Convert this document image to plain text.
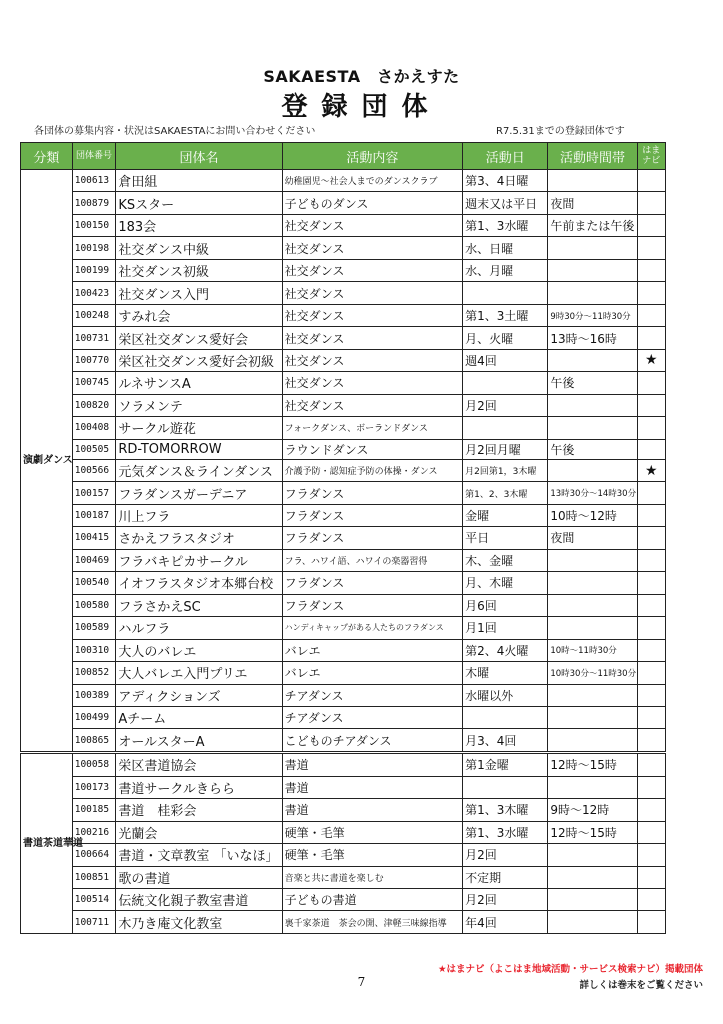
SAKAESTA　さかえすた
登録団体
各団体の募集内容・状況はSAKAESTAにお問い合わせください	R7.5.31までの登録団体です
分類	団体番号	団体名	活動内容	活動日	活動時間帯	はまナビ
演劇ダンス	100613	倉田組	幼稚園児～社会人までのダンスクラブ	第3、4日曜		
	100879	KSスター	子どものダンス	週末又は平日	夜間	
	100150	183会	社交ダンス	第1、3水曜	午前または午後	
	100198	社交ダンス中級	社交ダンス	水、日曜		
	100199	社交ダンス初級	社交ダンス	水、月曜		
	100423	社交ダンス入門	社交ダンス			
	100248	すみれ会	社交ダンス	第1、3土曜	9時30分～11時30分	
	100731	栄区社交ダンス愛好会	社交ダンス	月、火曜	13時～16時	
	100770	栄区社交ダンス愛好会初級	社交ダンス	週4回		★
	100745	ルネサンスA	社交ダンス		午後	
	100820	ソラメンテ	社交ダンス	月2回		
	100408	サークル遊花	フォークダンス、ボーランドダンス			
	100505	RD-TOMORROW	ラウンドダンス	月2回月曜	午後	
	100566	元気ダンス＆ラインダンス	介護予防・認知症予防の体操・ダンス	月2回第1，3木曜		★
	100157	フラダンスガーデニア	フラダンス	第1、2、3木曜	13時30分～14時30分	
	100187	川上フラ	フラダンス	金曜	10時～12時	
	100415	さかえフラスタジオ	フラダンス	平日	夜間	
	100469	フラバキピカサークル	フラ、ハワイ語、ハワイの楽器習得	木、金曜		
	100540	イオフラスタジオ本郷台校	フラダンス	月、木曜		
	100580	フラさかえSC	フラダンス	月6回		
	100589	ハルフラ	ハンディキャップがある人たちのフラダンス	月1回		
	100310	大人のバレエ	バレエ	第2、4火曜	10時～11時30分	
	100852	大人バレエ入門プリエ	バレエ	木曜	10時30分～11時30分	
	100389	アディクションズ	チアダンス	水曜以外		
	100499	Aチーム	チアダンス			
	100865	オールスターA	こどものチアダンス	月3、4回		
書道茶道華道	100058	栄区書道協会	書道	第1金曜	12時～15時	
	100173	書道サークルきらら	書道			
	100185	書道　桂彩会	書道	第1、3木曜	9時～12時	
	100216	光蘭会	硬筆・毛筆	第1、3水曜	12時～15時	
	100664	書道・文章教室 「いなほ」	硬筆・毛筆	月2回		
	100851	歌の書道	音楽と共に書道を楽しむ	不定期		
	100514	伝統文化親子教室書道	子どもの書道	月2回		
	100711	木乃き庵文化教室	裏千家茶道　茶会の開、津軽三味線指導	年4回		
★はまナビ（よこはま地域活動・サービス検索ナビ）掲載団体
詳しくは巻末をご覧ください
7
